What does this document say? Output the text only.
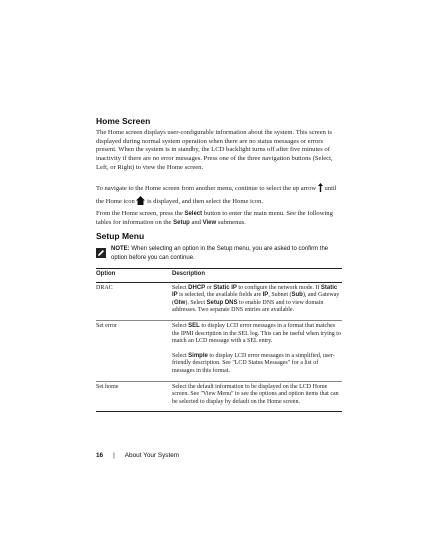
Home Screen

The Home screen displays user-configurable information about the system. This screen is displayed during normal system operation when there are no status messages or errors present. When the system is in standby, the LCD backlight turns off after five minutes of inactivity if there are no error messages. Press one of the three navigation buttons (Select, Left, or Right) to view the Home screen.

To navigate to the Home screen from another menu, continue to select the up arrow until the Home icon is displayed, and then select the Home icon.

From the Home screen, press the Select button to enter the main menu. See the following tables for information on the Setup and View submenus.

Setup Menu
NOTE: When selecting an option in the Setup menu, you are asked to confirm the option before you can continue.
Option	Description
DRAC	Select DHCP or Static IP to configure the network mode. If Static IP is selected, the available fields are IP, Subnet (Sub), and Gateway (Gtw). Select Setup DNS to enable DNS and to view domain addresses. Two separate DNS entries are available.
Set error	Select SEL to display LCD error messages in a format that matches the IPMI description in the SEL log. This can be useful when trying to match an LCD message with a SEL entry.
	Select Simple to display LCD error messages in a simplified, user-friendly description. See "LCD Status Messages" for a list of messages in this format.
Set home	Select the default information to be displayed on the LCD Home screen. See "View Menu" to see the options and option items that can be selected to display by default on the Home screen.
16 | About Your System
